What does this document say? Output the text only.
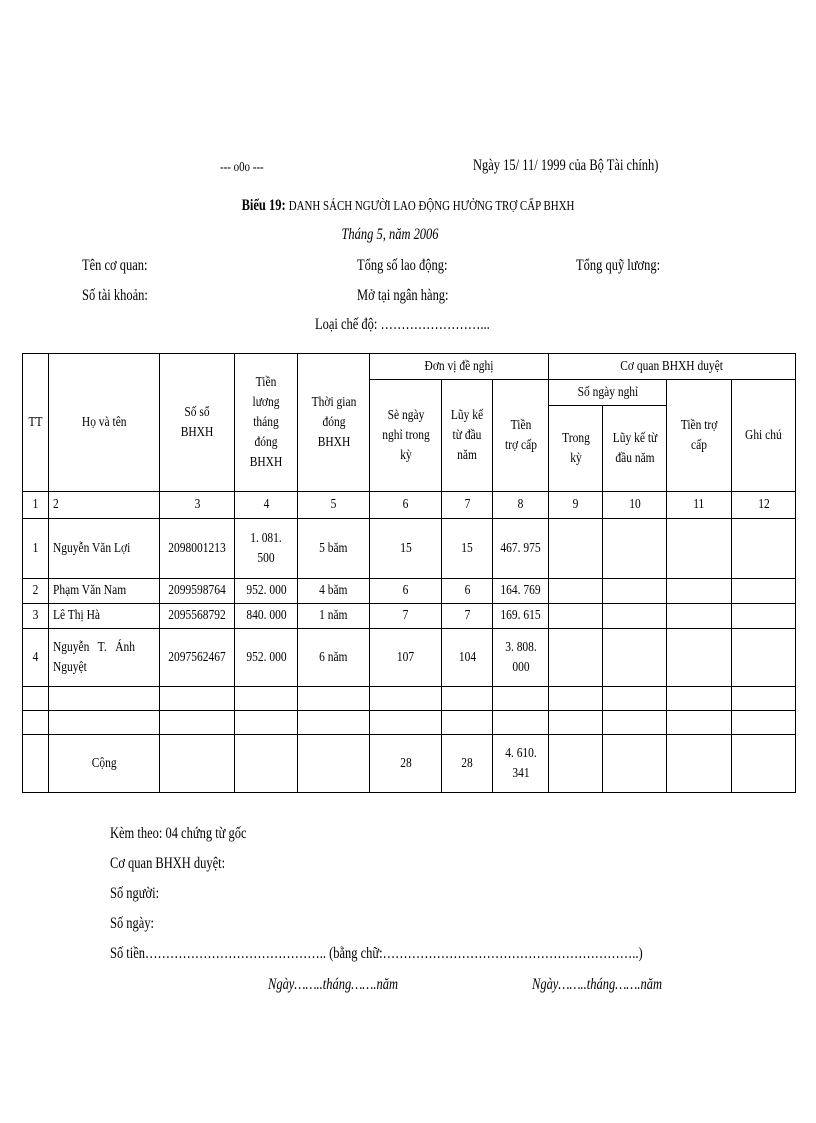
--- o0o ---	Ngày 15/ 11/ 1999 của Bộ Tài chính)
Biểu 19: DANH SÁCH NGƯỜI LAO ĐỘNG HƯỞNG TRỢ CẤP BHXH
Tháng 5, năm 2006
Tên cơ quan:	Tổng số lao động:	Tổng quỹ lương:
Số tài khoản:	Mở tại ngân hàng:
Loại chế độ: ……………………...
TT	Họ và tên	Số sổ BHXH	Tiền lương tháng đóng BHXH	Thời gian đóng BHXH	Đơn vị đề nghị			Cơ quan BHXH duyệt			
					Sè ngày nghỉ trong kỳ	Lũy kế từ đầu năm	Tiền trợ cấp	Số ngày nghỉ		Tiền trợ cấp	Ghi chú
								Trong kỳ	Lũy kế từ đầu năm		
1	2	3	4	5	6	7	8	9	10	11	12
1	Nguyễn Văn Lợi	2098001213	1. 081. 500	5 băm	15	15	467. 975				
2	Phạm Văn Nam	2099598764	952. 000	4 băm	6	6	164. 769				
3	Lê Thị Hà	2095568792	840. 000	1 năm	7	7	169. 615				
4	Nguyễn T. Ánh Nguyệt	2097562467	952. 000	6 năm	107	104	3. 808. 000				

	Cộng				28	28	4. 610. 341				
Kèm theo: 04 chứng từ gốc
Cơ quan BHXH duyệt:
Số người:
Số ngày:
Số tiền…………………………………….. (bằng chữ:……………………………………………………..)
Ngày……..tháng…….năm	Ngày……..tháng…….năm
